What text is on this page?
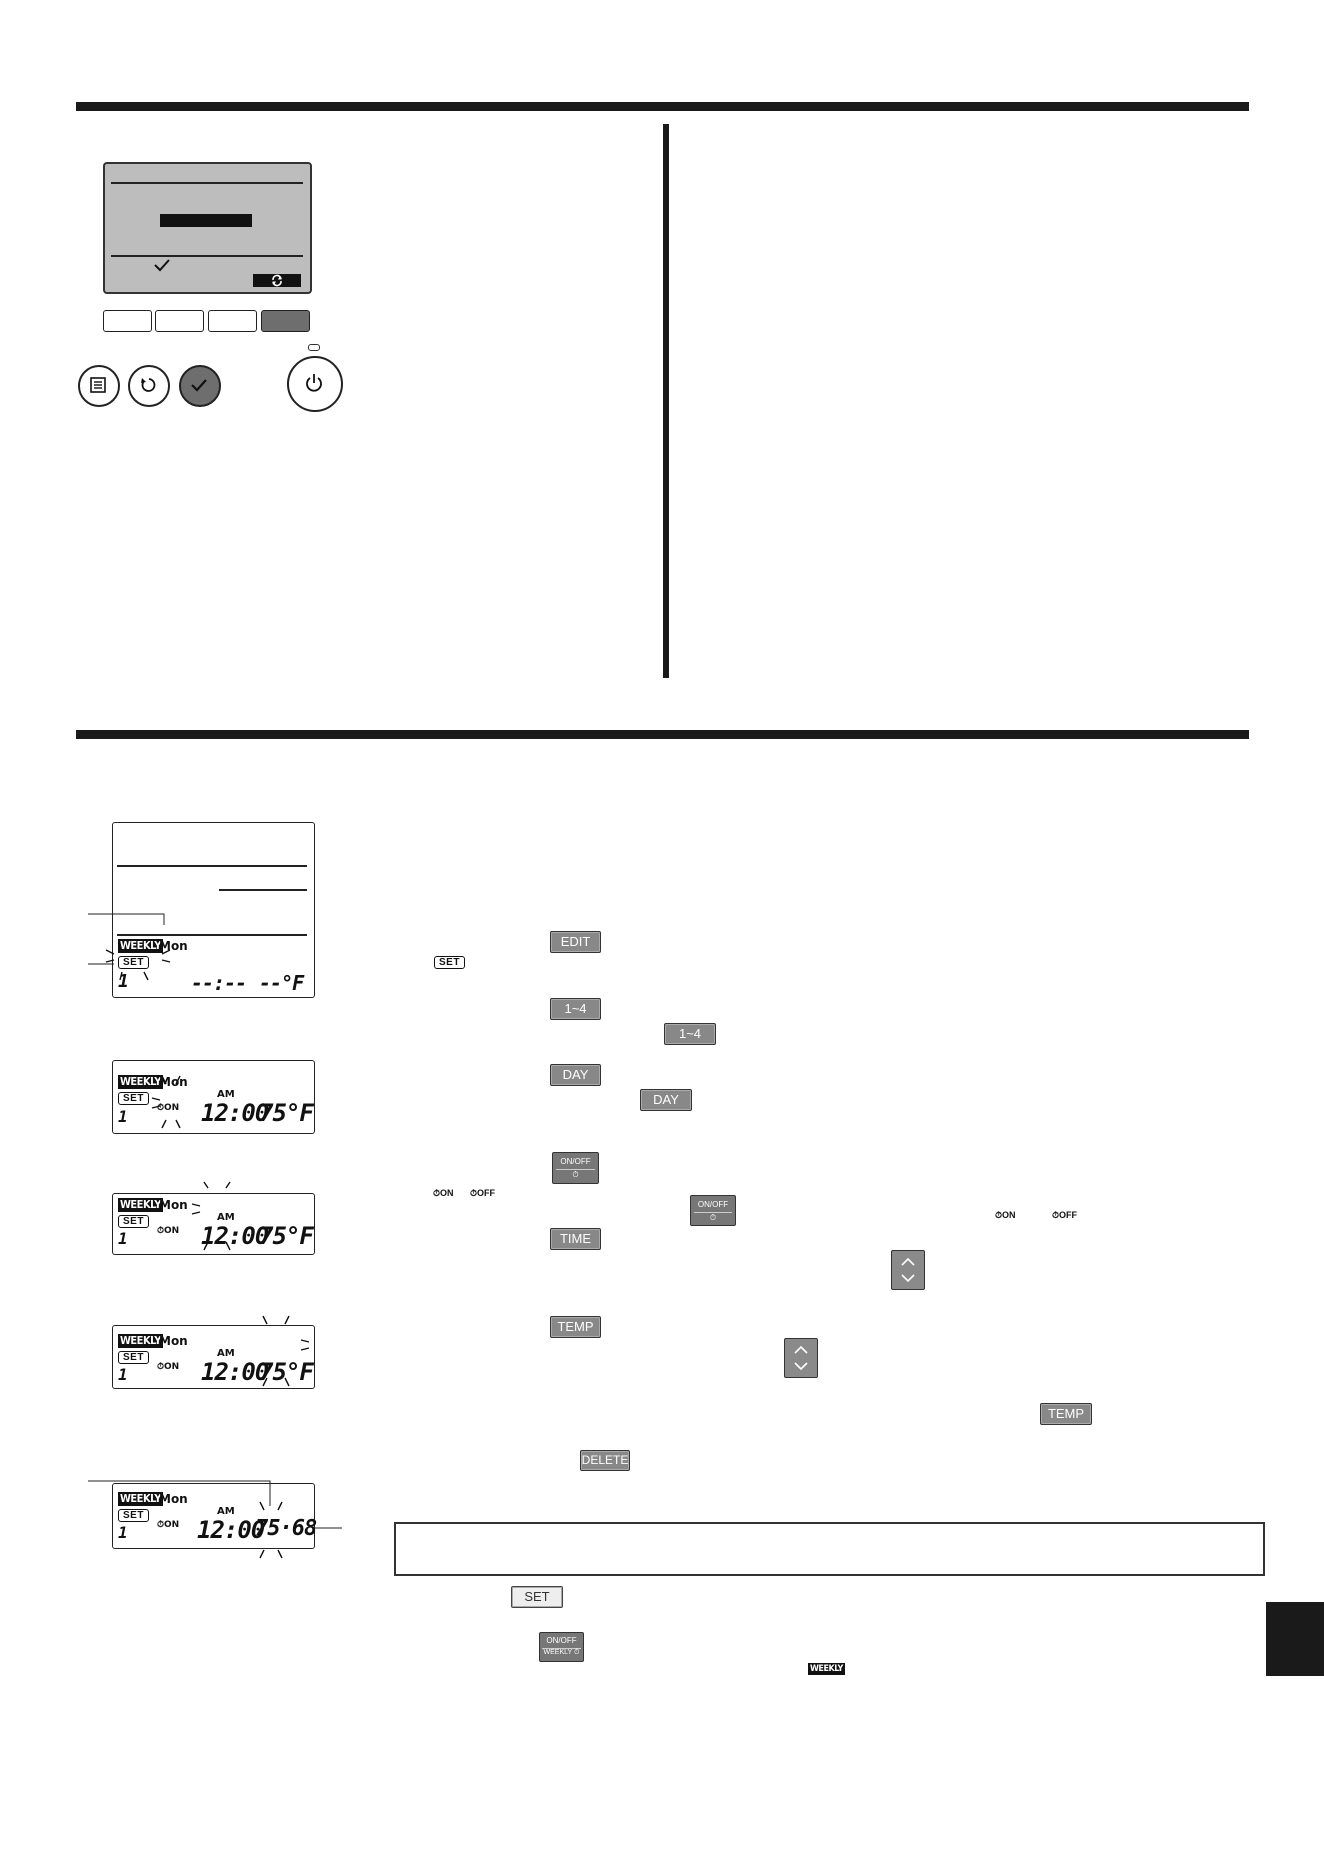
WEEKLY
Mon
SET
1	--:-- --°F
WEEKLY
Mon
SET
1
AM
⏱ON 12:00
75°F
WEEKLY
Mon
SET
1
AM
⏱ON 12:00
75°F
WEEKLY
Mon
SET
1
AM
⏱ON 12:00
75°F
WEEKLY
Mon
SET
1
AM
⏱ON 12:00
75·68
EDIT
SET
1~4
1~4
DAY
DAY
ON/OFF
⏱
⏱ON ⏱OFF
ON/OFF
⏱	⏱ON	⏱OFF
TIME
TEMP
TEMP
DELETE
SET
ON/OFF
WEEKLY ⏱
WEEKLY
